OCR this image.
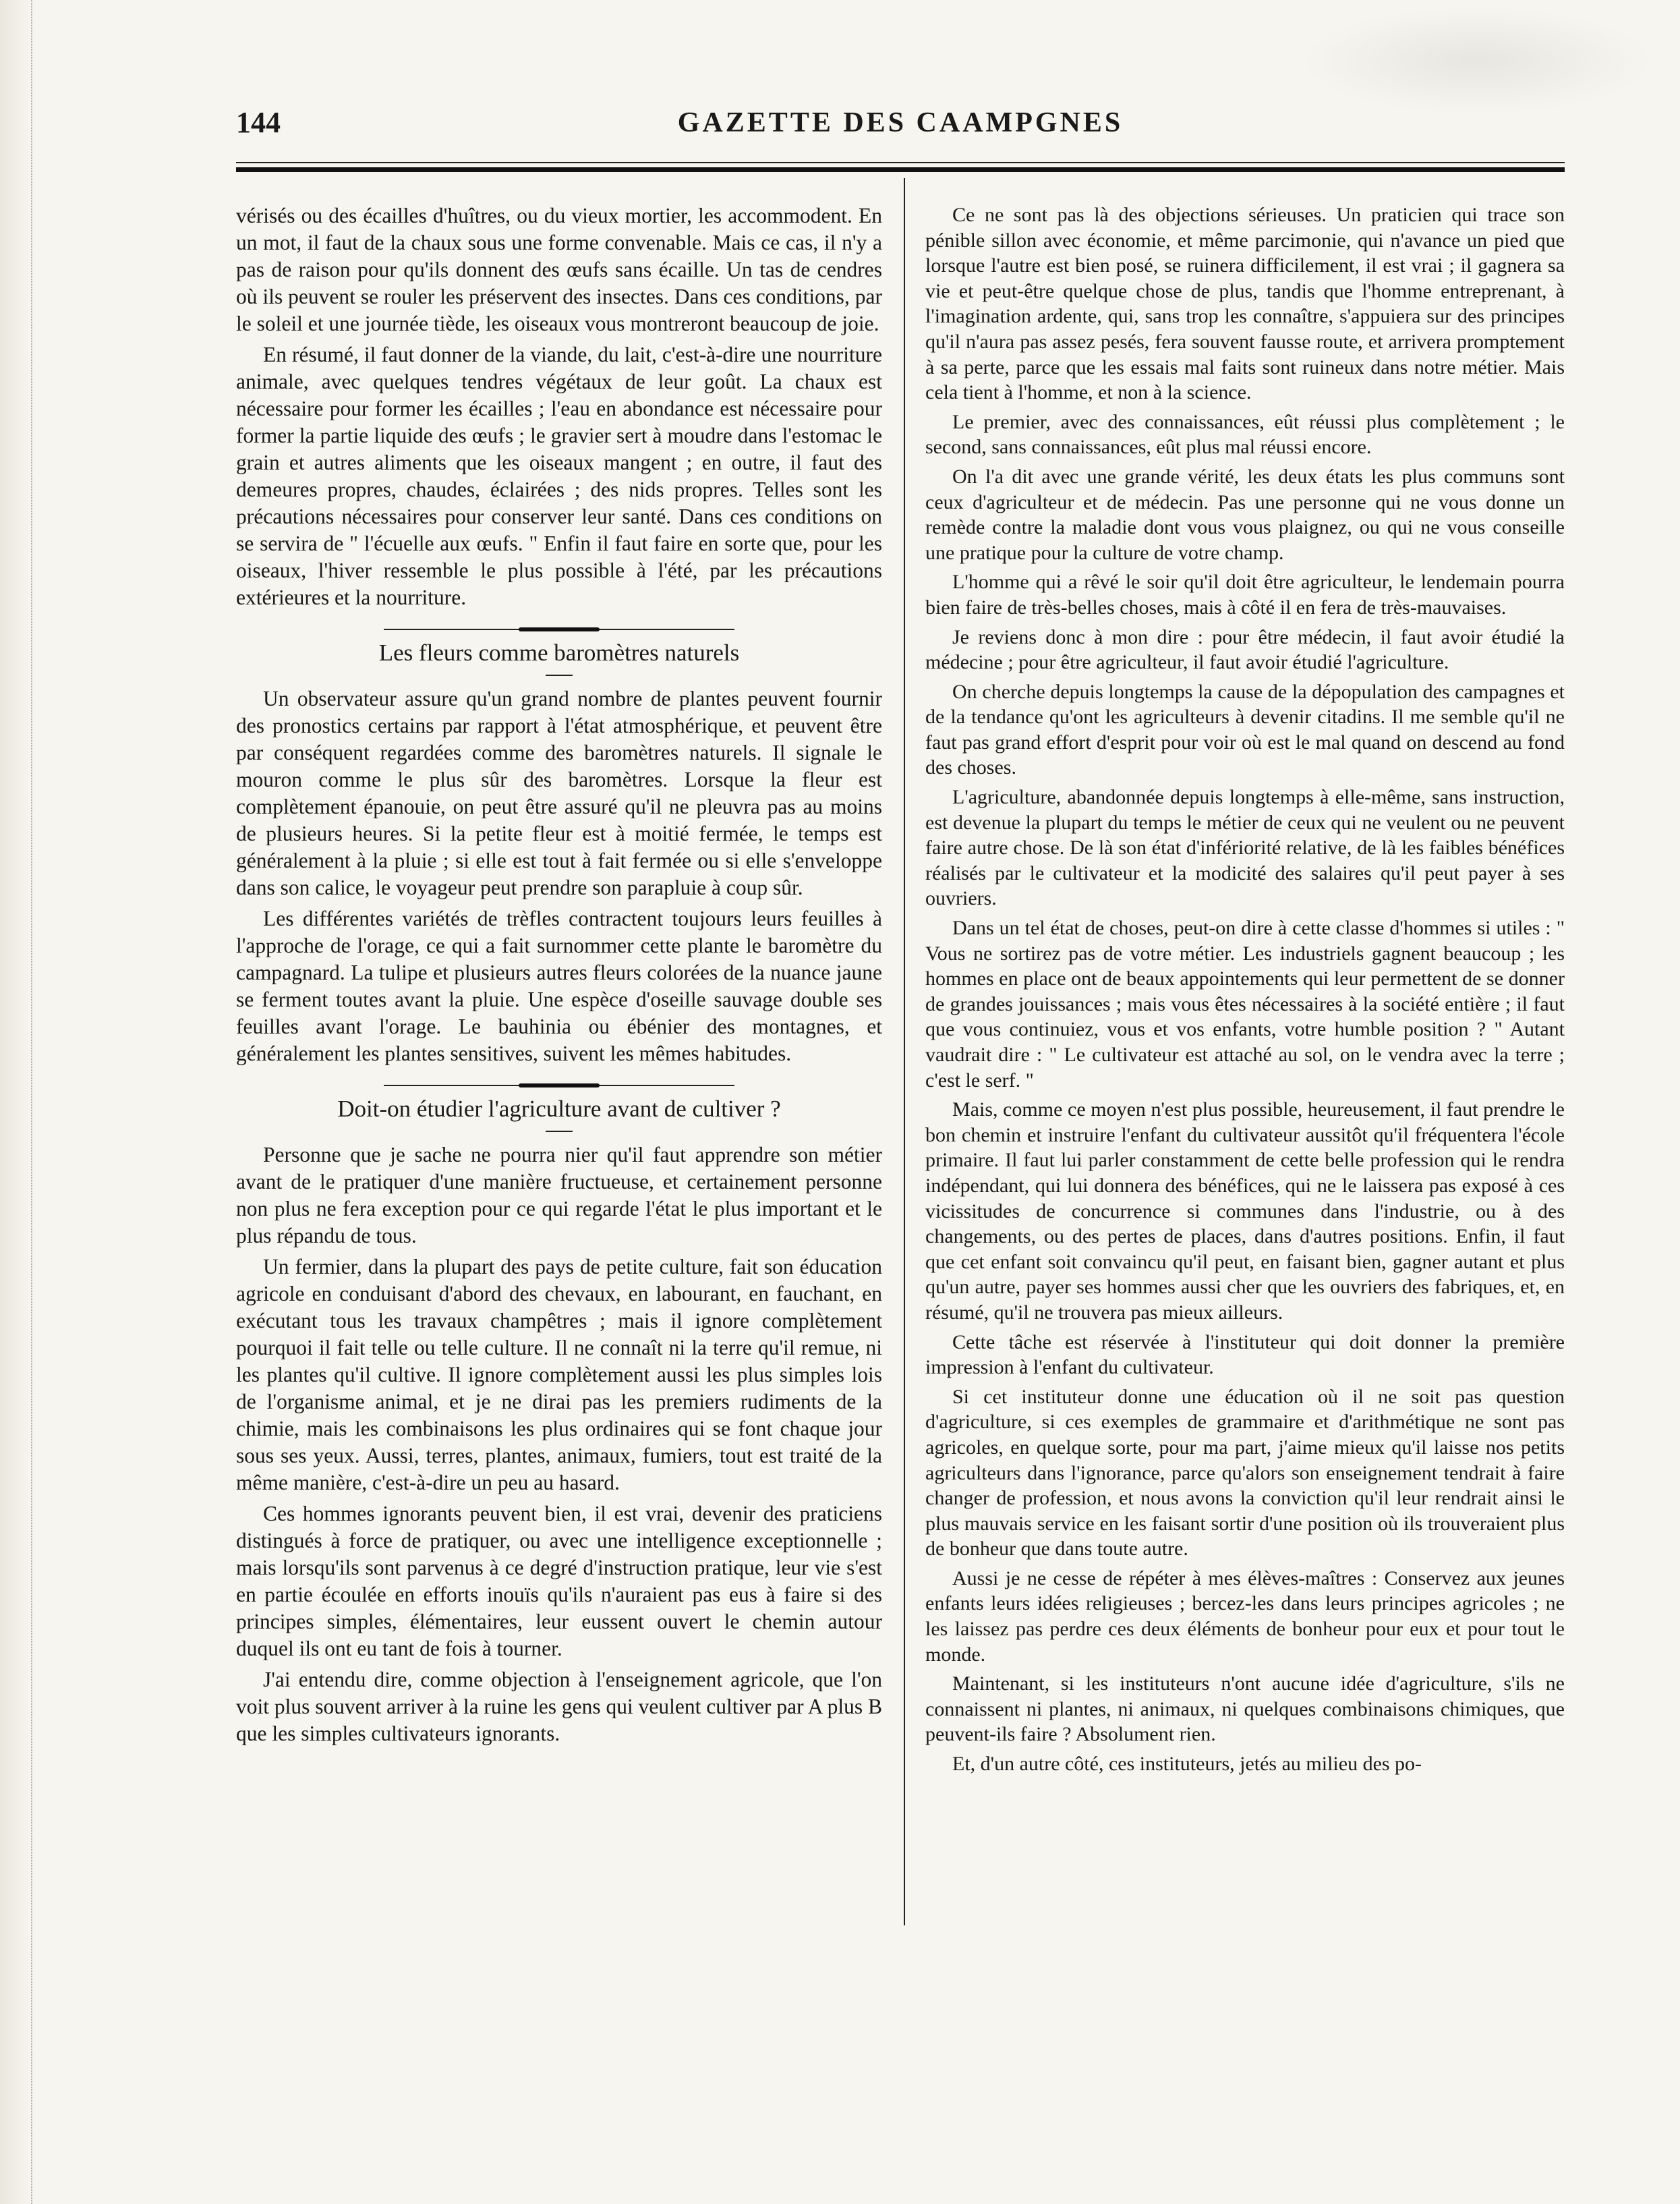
144	GAZETTE DES CAAMPGNES

vérisés ou des écailles d'huîtres, ou du vieux mortier, les accommodent. En un mot, il faut de la chaux sous une forme convenable. Mais ce cas, il n'y a pas de raison pour qu'ils donnent des œufs sans écaille. Un tas de cendres où ils peuvent se rouler les préservent des insectes. Dans ces conditions, par le soleil et une journée tiède, les oiseaux vous montreront beaucoup de joie.

En résumé, il faut donner de la viande, du lait, c'est-à-dire une nourriture animale, avec quelques tendres végétaux de leur goût. La chaux est nécessaire pour former les écailles ; l'eau en abondance est nécessaire pour former la partie liquide des œufs ; le gravier sert à moudre dans l'estomac le grain et autres aliments que les oiseaux mangent ; en outre, il faut des demeures propres, chaudes, éclairées ; des nids propres. Telles sont les précautions nécessaires pour conserver leur santé. Dans ces conditions on se servira de " l'écuelle aux œufs. " Enfin il faut faire en sorte que, pour les oiseaux, l'hiver ressemble le plus possible à l'été, par les précautions extérieures et la nourriture.

Les fleurs comme baromètres naturels

Un observateur assure qu'un grand nombre de plantes peuvent fournir des pronostics certains par rapport à l'état atmosphérique, et peuvent être par conséquent regardées comme des baromètres naturels. Il signale le mouron comme le plus sûr des baromètres. Lorsque la fleur est complètement épanouie, on peut être assuré qu'il ne pleuvra pas au moins de plusieurs heures. Si la petite fleur est à moitié fermée, le temps est généralement à la pluie ; si elle est tout à fait fermée ou si elle s'enveloppe dans son calice, le voyageur peut prendre son parapluie à coup sûr.

Les différentes variétés de trèfles contractent toujours leurs feuilles à l'approche de l'orage, ce qui a fait surnommer cette plante le baromètre du campagnard. La tulipe et plusieurs autres fleurs colorées de la nuance jaune se ferment toutes avant la pluie. Une espèce d'oseille sauvage double ses feuilles avant l'orage. Le bauhinia ou ébénier des montagnes, et généralement les plantes sensitives, suivent les mêmes habitudes.

Doit-on étudier l'agriculture avant de cultiver ?

Personne que je sache ne pourra nier qu'il faut apprendre son métier avant de le pratiquer d'une manière fructueuse, et certainement personne non plus ne fera exception pour ce qui regarde l'état le plus important et le plus répandu de tous.

Un fermier, dans la plupart des pays de petite culture, fait son éducation agricole en conduisant d'abord des chevaux, en labourant, en fauchant, en exécutant tous les travaux champêtres ; mais il ignore complètement pourquoi il fait telle ou telle culture. Il ne connaît ni la terre qu'il remue, ni les plantes qu'il cultive. Il ignore complètement aussi les plus simples lois de l'organisme animal, et je ne dirai pas les premiers rudiments de la chimie, mais les combinaisons les plus ordinaires qui se font chaque jour sous ses yeux. Aussi, terres, plantes, animaux, fumiers, tout est traité de la même manière, c'est-à-dire un peu au hasard.

Ces hommes ignorants peuvent bien, il est vrai, devenir des praticiens distingués à force de pratiquer, ou avec une intelligence exceptionnelle ; mais lorsqu'ils sont parvenus à ce degré d'instruction pratique, leur vie s'est en partie écoulée en efforts inouïs qu'ils n'auraient pas eus à faire si des principes simples, élémentaires, leur eussent ouvert le chemin autour duquel ils ont eu tant de fois à tourner.

J'ai entendu dire, comme objection à l'enseignement agricole, que l'on voit plus souvent arriver à la ruine les gens qui veulent cultiver par A plus B que les simples cultivateurs ignorants.

Ce ne sont pas là des objections sérieuses. Un praticien qui trace son pénible sillon avec économie, et même parcimonie, qui n'avance un pied que lorsque l'autre est bien posé, se ruinera difficilement, il est vrai ; il gagnera sa vie et peut-être quelque chose de plus, tandis que l'homme entreprenant, à l'imagination ardente, qui, sans trop les connaître, s'appuiera sur des principes qu'il n'aura pas assez pesés, fera souvent fausse route, et arrivera promptement à sa perte, parce que les essais mal faits sont ruineux dans notre métier. Mais cela tient à l'homme, et non à la science.

Le premier, avec des connaissances, eût réussi plus complètement ; le second, sans connaissances, eût plus mal réussi encore.

On l'a dit avec une grande vérité, les deux états les plus communs sont ceux d'agriculteur et de médecin. Pas une personne qui ne vous donne un remède contre la maladie dont vous vous plaignez, ou qui ne vous conseille une pratique pour la culture de votre champ.

L'homme qui a rêvé le soir qu'il doit être agriculteur, le lendemain pourra bien faire de très-belles choses, mais à côté il en fera de très-mauvaises.

Je reviens donc à mon dire : pour être médecin, il faut avoir étudié la médecine ; pour être agriculteur, il faut avoir étudié l'agriculture.

On cherche depuis longtemps la cause de la dépopulation des campagnes et de la tendance qu'ont les agriculteurs à devenir citadins. Il me semble qu'il ne faut pas grand effort d'esprit pour voir où est le mal quand on descend au fond des choses.

L'agriculture, abandonnée depuis longtemps à elle-même, sans instruction, est devenue la plupart du temps le métier de ceux qui ne veulent ou ne peuvent faire autre chose. De là son état d'infériorité relative, de là les faibles bénéfices réalisés par le cultivateur et la modicité des salaires qu'il peut payer à ses ouvriers.

Dans un tel état de choses, peut-on dire à cette classe d'hommes si utiles : " Vous ne sortirez pas de votre métier. Les industriels gagnent beaucoup ; les hommes en place ont de beaux appointements qui leur permettent de se donner de grandes jouissances ; mais vous êtes nécessaires à la société entière ; il faut que vous continuiez, vous et vos enfants, votre humble position ? " Autant vaudrait dire : " Le cultivateur est attaché au sol, on le vendra avec la terre ; c'est le serf. "

Mais, comme ce moyen n'est plus possible, heureusement, il faut prendre le bon chemin et instruire l'enfant du cultivateur aussitôt qu'il fréquentera l'école primaire. Il faut lui parler constamment de cette belle profession qui le rendra indépendant, qui lui donnera des bénéfices, qui ne le laissera pas exposé à ces vicissitudes de concurrence si communes dans l'industrie, ou à des changements, ou des pertes de places, dans d'autres positions. Enfin, il faut que cet enfant soit convaincu qu'il peut, en faisant bien, gagner autant et plus qu'un autre, payer ses hommes aussi cher que les ouvriers des fabriques, et, en résumé, qu'il ne trouvera pas mieux ailleurs.

Cette tâche est réservée à l'instituteur qui doit donner la première impression à l'enfant du cultivateur.

Si cet instituteur donne une éducation où il ne soit pas question d'agriculture, si ces exemples de grammaire et d'arithmétique ne sont pas agricoles, en quelque sorte, pour ma part, j'aime mieux qu'il laisse nos petits agriculteurs dans l'ignorance, parce qu'alors son enseignement tendrait à faire changer de profession, et nous avons la conviction qu'il leur rendrait ainsi le plus mauvais service en les faisant sortir d'une position où ils trouveraient plus de bonheur que dans toute autre.

Aussi je ne cesse de répéter à mes élèves-maîtres : Conservez aux jeunes enfants leurs idées religieuses ; bercez-les dans leurs principes agricoles ; ne les laissez pas perdre ces deux éléments de bonheur pour eux et pour tout le monde.

Maintenant, si les instituteurs n'ont aucune idée d'agriculture, s'ils ne connaissent ni plantes, ni animaux, ni quelques combinaisons chimiques, que peuvent-ils faire ? Absolument rien.

Et, d'un autre côté, ces instituteurs, jetés au milieu des po-
